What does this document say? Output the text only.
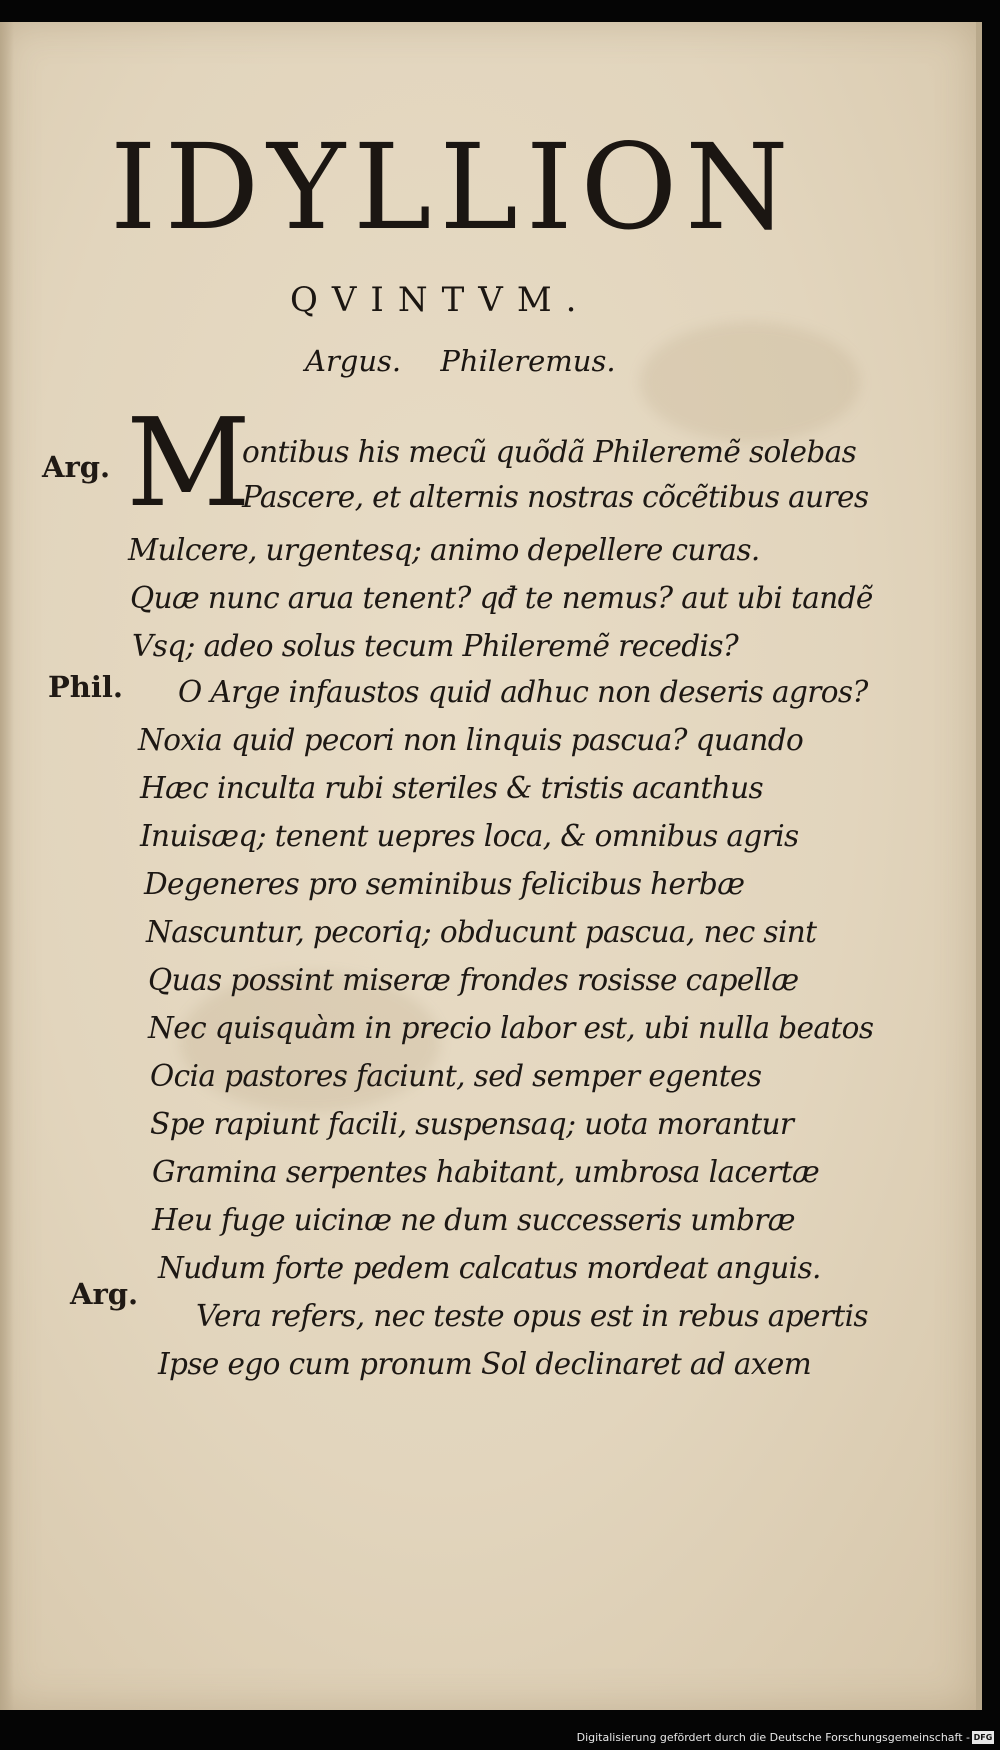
IDYLLION
QVINTVM.
Argus. Phileremus.
M
Arg.
Phil.
Arg.
ontibus his mecũ quõdã Phileremẽ solebas
Pascere, et alternis nostras cõcẽtibus aures
Mulcere, urgentesq; animo depellere curas.
Quæ nunc arua tenent? qđ te nemus? aut ubi tandẽ
Vsq; adeo solus tecum Phileremẽ recedis?
O Arge infaustos quid adhuc non deseris agros?
Noxia quid pecori non linquis pascua? quando
Hæc inculta rubi steriles & tristis acanthus
Inuisæq; tenent uepres loca, & omnibus agris
Degeneres pro seminibus felicibus herbæ
Nascuntur, pecoriq; obducunt pascua, nec sint
Quas possint miseræ frondes rosisse capellæ
Nec quisquàm in precio labor est, ubi nulla beatos
Ocia pastores faciunt, sed semper egentes
Spe rapiunt facili, suspensaq; uota morantur
Gramina serpentes habitant, umbrosa lacertæ
Heu fuge uicinæ ne dum successeris umbræ
Nudum forte pedem calcatus mordeat anguis.
Vera refers, nec teste opus est in rebus apertis
Ipse ego cum pronum Sol declinaret ad axem
Digitalisierung gefördert durch die Deutsche Forschungsgemeinschaft - DFG
